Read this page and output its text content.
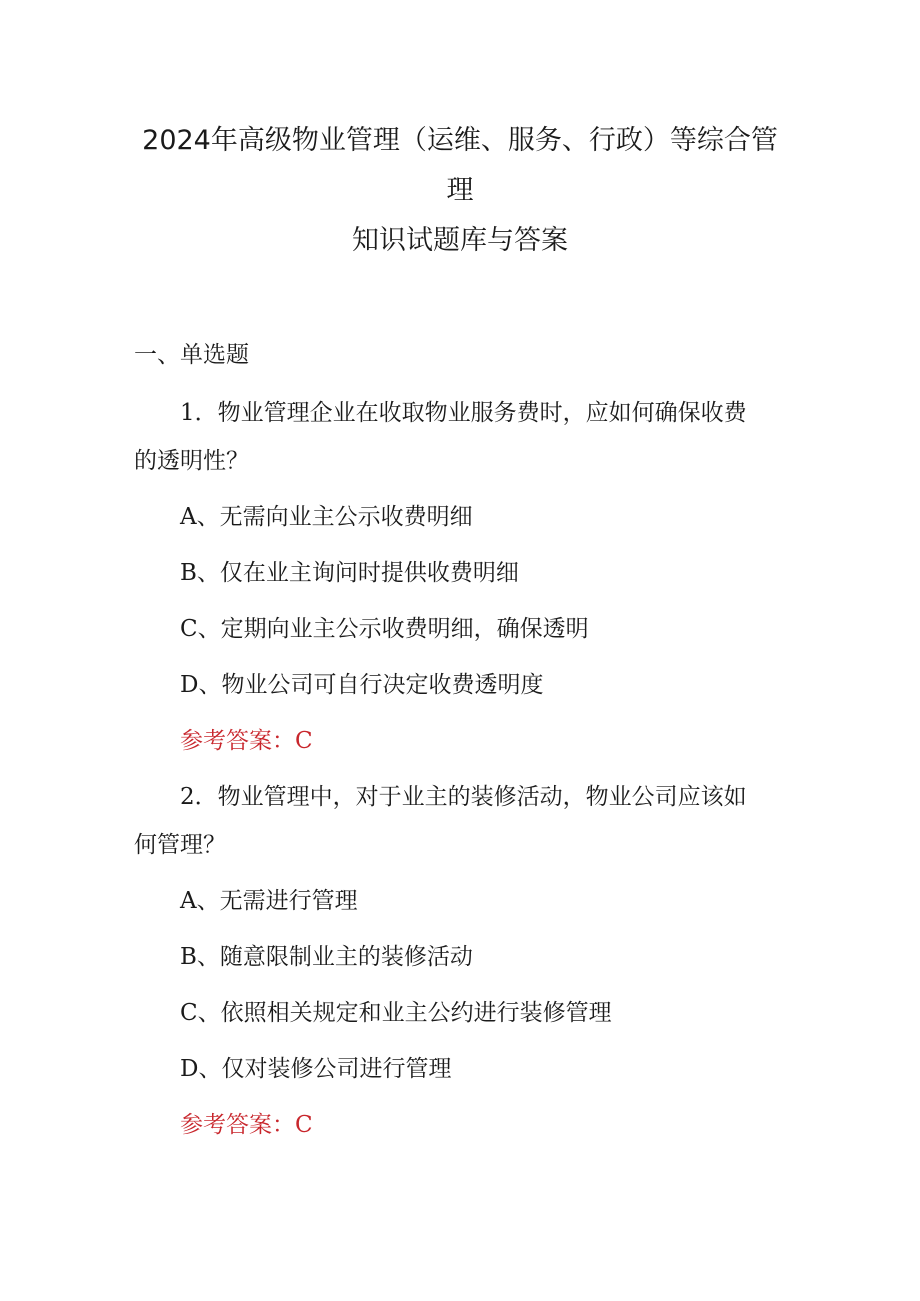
2024年高级物业管理（运维、服务、行政）等综合管
理
知识试题库与答案
一、单选题
1．物业管理企业在收取物业服务费时，应如何确保收费
的透明性？
A、无需向业主公示收费明细
B、仅在业主询问时提供收费明细
C、定期向业主公示收费明细，确保透明
D、物业公司可自行决定收费透明度
参考答案：C
2．物业管理中，对于业主的装修活动，物业公司应该如
何管理？
A、无需进行管理
B、随意限制业主的装修活动
C、依照相关规定和业主公约进行装修管理
D、仅对装修公司进行管理
参考答案：C
